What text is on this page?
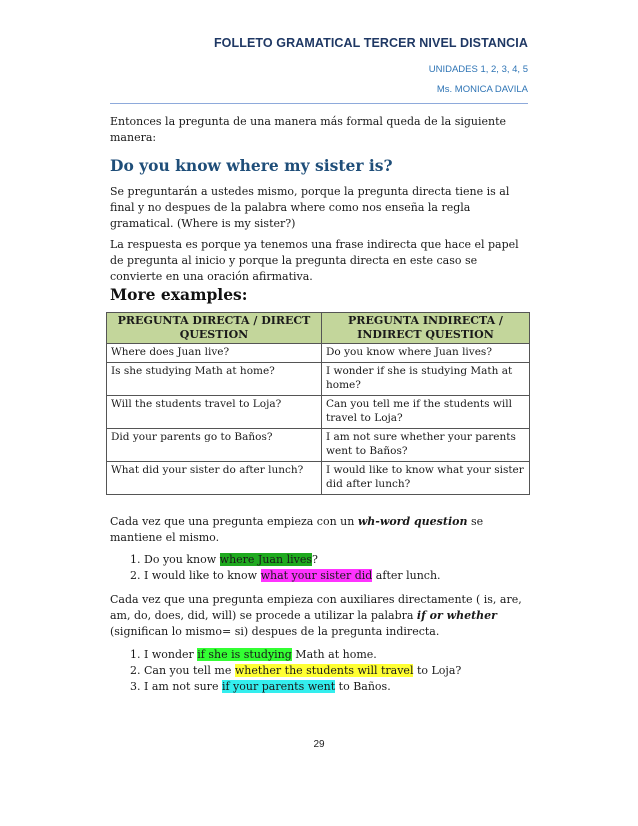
FOLLETO GRAMATICAL TERCER NIVEL DISTANCIA
UNIDADES 1, 2, 3, 4, 5
Ms. MONICA DAVILA

Entonces la pregunta de una manera más formal queda de la siguiente manera:

Do you know where my sister is?

Se preguntarán a ustedes mismo, porque la pregunta directa tiene is al final y no despues de la palabra where como nos enseña la regla gramatical. (Where is my sister?)

La respuesta es porque ya tenemos una frase indirecta que hace el papel de pregunta al inicio y porque la pregunta directa en este caso se convierte en una oración afirmativa.

More examples:

PREGUNTA DIRECTA / DIRECT QUESTION	PREGUNTA INDIRECTA / INDIRECT QUESTION
Where does Juan live?	Do you know where Juan lives?
Is she studying Math at home?	I wonder if she is studying Math at home?
Will the students travel to Loja?	Can you tell me if the students will travel to Loja?
Did your parents go to Baños?	I am not sure whether your parents went to Baños?
What did your sister do after lunch?	I would like to know what your sister did after lunch?

Cada vez que una pregunta empieza con un wh-word question se mantiene el mismo.

1. Do you know where Juan lives?
2. I would like to know what your sister did after lunch.

Cada vez que una pregunta empieza con auxiliares directamente ( is, are, am, do, does, did, will) se procede a utilizar la palabra if or whether (significan lo mismo= si) despues de la pregunta indirecta.

1. I wonder if she is studying Math at home.
2. Can you tell me whether the students will travel to Loja?
3. I am not sure if your parents went to Baños.
29
